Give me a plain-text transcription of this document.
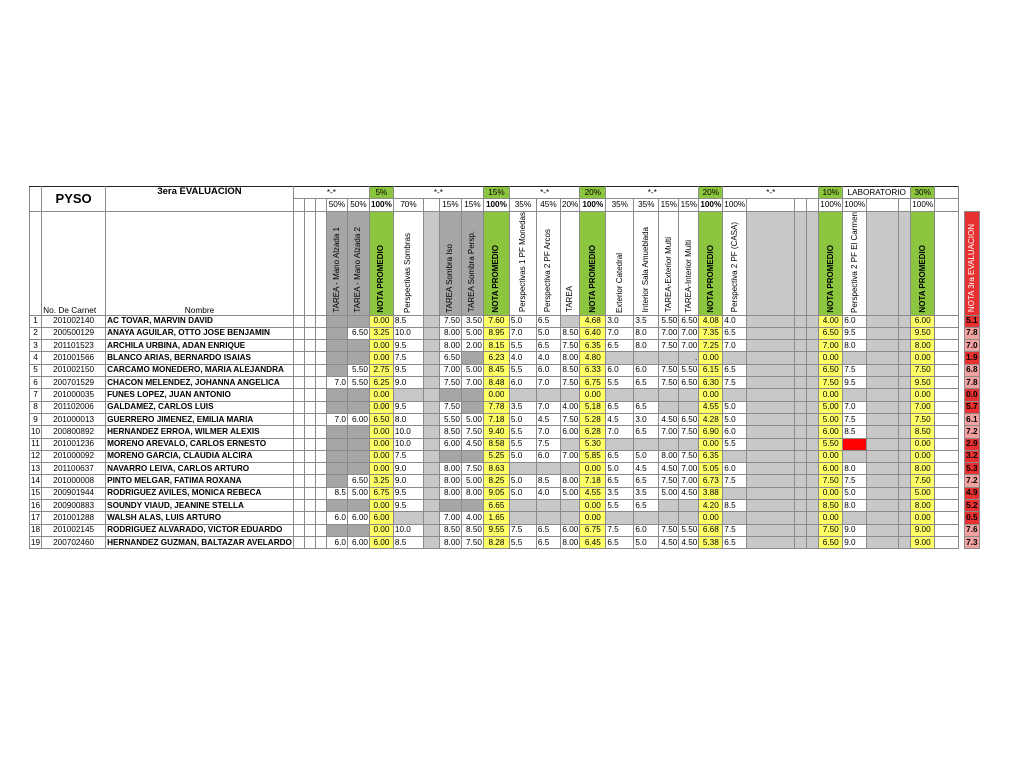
	PYSO	3era EVALUACION	*-*					5%	*-*				15%	*-*			20%	*-*				20%	*-*				10%	LABORATORIO			30%			
						50%	50%	100%	70%		15%	15%	100%	35%	45%	20%	100%	35%	35%	15%	15%	100%	100%				100%	100%			100%			
	No. De Carnet	Nombre				TAREA - Mano Alzada 1	TAREA - Mano Alzada 2	NOTA PROMEDIO	Perspectivas Sombras		TAREA Sombra Iso	TAREA Sombra Persp.	NOTA PROMEDIO	Perspectivas 1 PF Monedas	Perspectiva 2 PF Arcos	TAREA	NOTA PROMEDIO	Exterior Catedral	Interior Sala Amueblada	TAREA-Exterior Multi	TAREA-Interior Multi	NOTA PROMEDIO	Perspectiva 2 PF (CASA)				NOTA PROMEDIO	Perspectiva 2 PF El Carmen			NOTA PROMEDIO			NOTA 3ra EVALUACION

1	201002140	AC TOVAR, MARVIN DAVID						0.00	8.5		7.50	3.50	7.60	5.0	6.5		4.68	3.0	3.5	5.50	6.50	4.08	4.0				4.00	6.0			6.00			5.1
2	200500129	ANAYA AGUILAR, OTTO JOSE BENJAMIN					6.50	3.25	10.0		8.00	5.00	8.95	7.0	5.0	8.50	6.40	7.0	8.0	7.00	7.00	7.35	6.5				6.50	9.5			9.50			7.8
3	201101523	ARCHILA URBINA, ADAN ENRIQUE						0.00	9.5		8.00	2.00	8.15	5.5	6.5	7.50	6.35	6.5	8.0	7.50	7.00	7.25	7.0				7.00	8.0			8.00			7.0
4	201001566	BLANCO ARIAS, BERNARDO ISAIAS						0.00	7.5		6.50		6.23	4.0	4.0	8.00	4.80				.	0.00					0.00				0.00			1.9
5	201002150	CARCAMO MONEDERO, MARIA ALEJANDRA					5.50	2.75	9.5		7.00	5.00	8.45	5.5	6.0	8.50	6.33	6.0	6.0	7.50	5.50	6.15	6.5				6.50	7.5			7.50			6.8
6	200701529	CHACON MELENDEZ, JOHANNA ANGELICA				7.0	5.50	6.25	9.0		7.50	7.00	8.48	6.0	7.0	7.50	6.75	5.5	6.5	7.50	6.50	6.30	7.5				7.50	9.5			9.50			7.8
7	201000035	FUNES LOPEZ, JUAN ANTONIO						0.00					0.00				0.00					0.00					0.00				0.00			0.0
8	201102006	GALDAMEZ, CARLOS LUIS						0.00	9.5		7.50		7.78	3.5	7.0	4.00	5.18	6.5	6.5			4.55	5.0				5.00	7.0			7.00			5.7
9	201000013	GUERRERO JIMENEZ, EMILIA MARIA				7.0	6.00	6.50	8.0		5.50	5.00	7.18	5.0	4.5	7.50	5.28	4.5	3.0	4.50	6.50	4.28	5.0				5.00	7.5			7.50			6.1
10	200800892	HERNANDEZ ERROA, WILMER ALEXIS						0.00	10.0		8.50	7.50	9.40	5.5	7.0	6.00	6.28	7.0	6.5	7.00	7.50	6.90	6.0				6.00	8.5			8.50			7.2
11	201001236	MORENO AREVALO, CARLOS ERNESTO						0.00	10.0		6.00	4.50	8.58	5.5	7.5		5.30					0.00	5.5				5.50				0.00			2.9
12	201000092	MORENO GARCIA, CLAUDIA ALCIRA						0.00	7.5				5.25	5.0	6.0	7.00	5.85	6.5	5.0	8.00	7.50	6.35					0.00				0.00			3.2
13	201100637	NAVARRO LEIVA, CARLOS ARTURO						0.00	9.0		8.00	7.50	8.63				0.00	5.0	4.5	4.50	7.00	5.05	6.0				6.00	8.0			8.00			5.3
14	201000008	PINTO MELGAR, FATIMA ROXANA					6.50	3.25	9.0		8.00	5.00	8.25	5.0	8.5	8.00	7.18	6.5	6.5	7.50	7.00	6.73	7.5				7.50	7.5			7.50			7.2
15	200901944	RODRIGUEZ AVILES, MONICA REBECA				8.5	5.00	6.75	9.5		8.00	8.00	9.05	5.0	4.0	5.00	4.55	3.5	3.5	5.00	4.50	3.88					0.00	5.0			5.00			4.9
16	200900883	SOUNDY VIAUD, JEANINE STELLA						0.00	9.5				6.65				0.00	5.5	6.5			4.20	8.5				8.50	8.0			8.00			5.2
17	201001288	WALSH ALAS, LUIS ARTURO				6.0	6.00	6.00			7.00	4.00	1.65				0.00					0.00					0.00				0.00			0.5
18	201002145	RODRIGUEZ ALVARADO, VICTOR EDUARDO						0.00	10.0		8.50	8.50	9.55	7.5	6.5	6.00	6.75	7.5	6.0	7.50	5.50	6.68	7.5				7.50	9.0			9.00			7.6
19	200702460	HERNANDEZ GUZMAN, BALTAZAR AVELARDO				6.0	6.00	6.00	8.5		8.00	7.50	8.28	5.5	6.5	8.00	6.45	6.5	5.0	4.50	4.50	5.38	6.5				6.50	9.0			9.00			7.3
